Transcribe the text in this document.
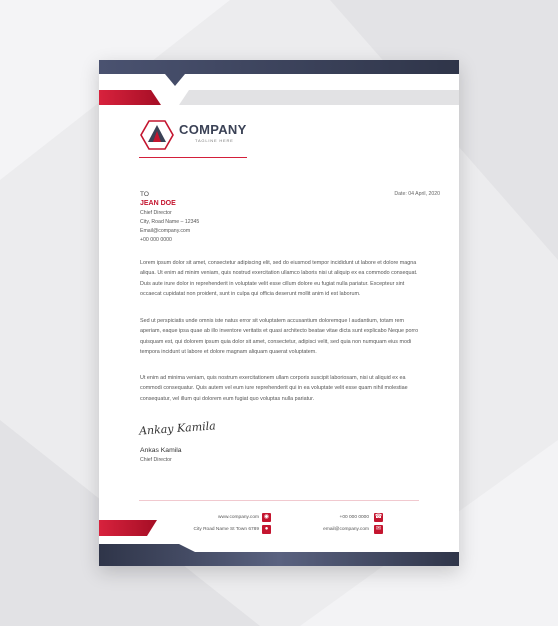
COMPANY
TAGLINE HERE
TO	Date: 04 April, 2020
JEAN DOE
Chief Director
City, Road Name – 12345
Email@company.com
+00 000 0000
Lorem ipsum dolor sit amet, consectetur adipiscing elit, sed do eiusmod tempor incididunt ut labore et dolore magna aliqua. Ut enim ad minim veniam, quis nostrud exercitation ullamco laboris nisi ut aliquip ex ea commodo consequat. Duis aute irure dolor in reprehenderit in voluptate velit esse cillum dolore eu fugiat nulla pariatur. Excepteur sint occaecat cupidatat non proident, sunt in culpa qui officia deserunt mollit anim id est laborum.
Sed ut perspiciatis unde omnis iste natus error sit voluptatem accusantium doloremque l audantium, totam rem aperiam, eaque ipsa quae ab illo inventore veritatis et quasi architecto beatae vitae dicta sunt explicabo Neque porro quisquam est, qui dolorem ipsum quia dolor sit amet, consectetur, adipisci velit, sed quia non numquam eius modi tempora incidunt ut labore et dolore magnam aliquam quaerat voluptatem.
Ut enim ad minima veniam, quis nostrum exercitationem ullam corporis suscipit laboriosam, nisi ut aliquid ex ea commodi consequatur. Quis autem vel eum iure reprehenderit qui in ea voluptate velit esse quam nihil molestiae consequatur, vel illum qui dolorem eum fugiat quo voluptas nulla pariatur.
Ankay Kamila
Ankas Kamila
Chief Director
www.company.com ◉
City Road Name St Town 6789 ●
+00 000 0000 ☎
email@company.com	✉
